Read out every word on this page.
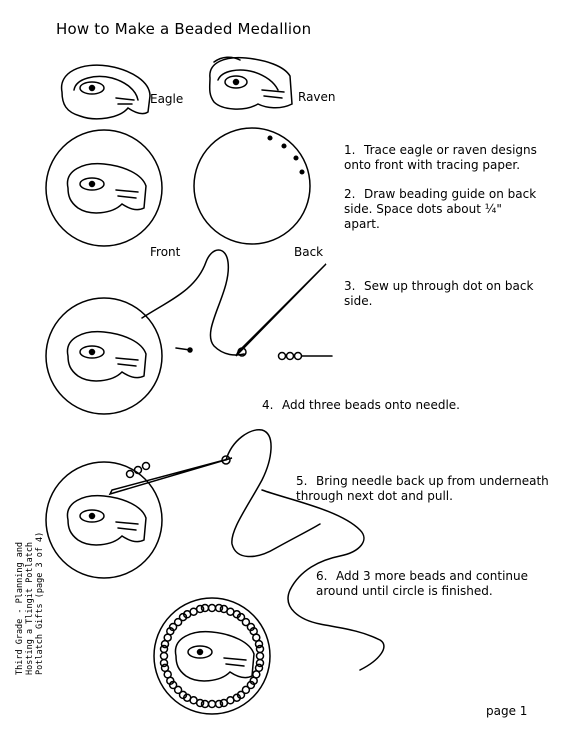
How to Make a Beaded Medallion
Eagle	Raven
Front	Back

1. Trace eagle or raven designs
onto front with tracing paper.

2. Draw beading guide on back
side. Space dots about ¼"
apart.

3. Sew up through dot on back
side.

4. Add three beads onto needle.

5. Bring needle back up from underneath
through next dot and pull.

6. Add 3 more beads and continue
around until circle is finished.

Third Grade - Planning and
Hosting a Tlingit Potlatch
Potlatch Gifts (page 3 of 4)
page 1
